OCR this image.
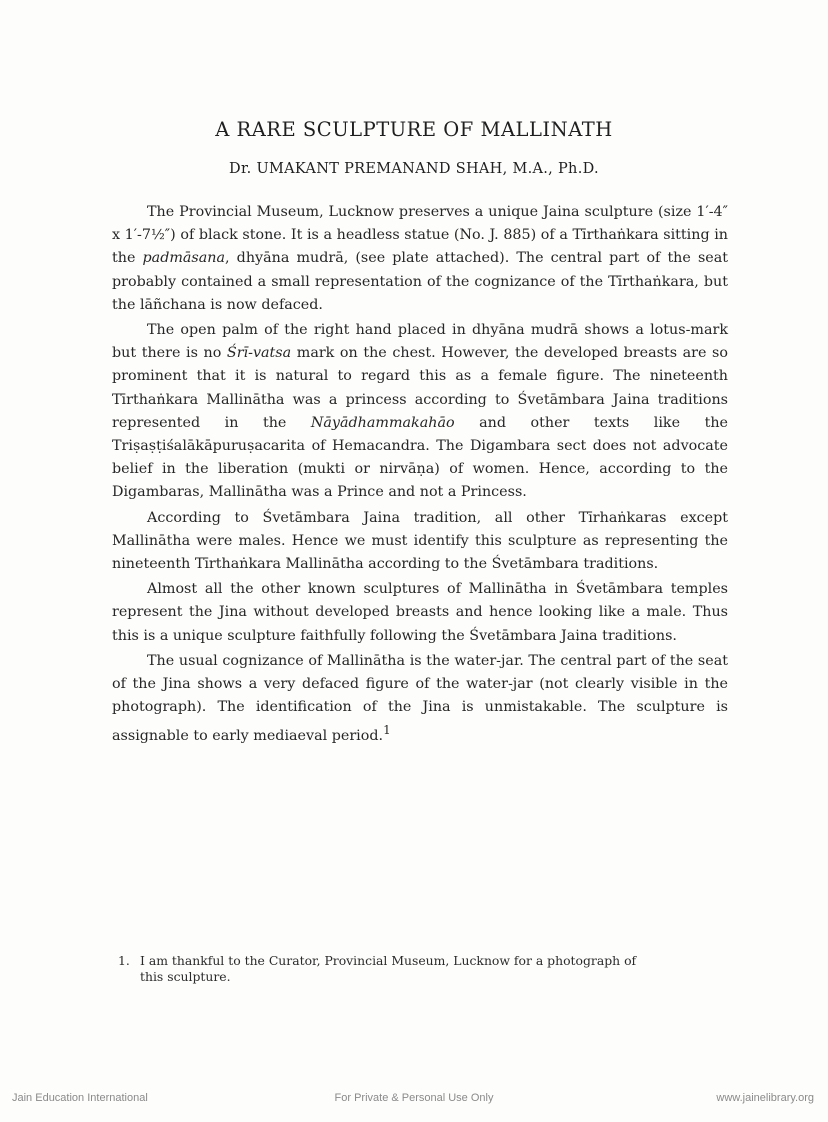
A RARE SCULPTURE OF MALLINATH
Dr. UMAKANT PREMANAND SHAH, M.A., Ph.D.

The Provincial Museum, Lucknow preserves a unique Jaina sculpture (size 1′-4″ x 1′-7½″) of black stone. It is a headless statue (No. J. 885) of a Tīrthaṅkara sitting in the padmāsana, dhyāna mudrā, (see plate attached). The central part of the seat probably contained a small representation of the cognizance of the Tīrthaṅkara, but the lāñchana is now defaced.

The open palm of the right hand placed in dhyāna mudrā shows a lotus-mark but there is no Śrī-vatsa mark on the chest. However, the developed breasts are so prominent that it is natural to regard this as a female figure. The nineteenth Tīrthaṅkara Mallinātha was a princess according to Śvetāmbara Jaina traditions represented in the Nāyādhammakahāo and other texts like the Triṣaṣṭiśalākāpuruṣacarita of Hemacandra. The Digambara sect does not advocate belief in the liberation (mukti or nirvāṇa) of women. Hence, according to the Digambaras, Mallinātha was a Prince and not a Princess.

According to Śvetāmbara Jaina tradition, all other Tīrhaṅkaras except Mallinātha were males. Hence we must identify this sculpture as representing the nineteenth Tīrthaṅkara Mallinātha according to the Śvetāmbara traditions.

Almost all the other known sculptures of Mallinātha in Śvetāmbara temples represent the Jina without developed breasts and hence looking like a male. Thus this is a unique sculpture faithfully following the Śvetāmbara Jaina traditions.

The usual cognizance of Mallinātha is the water-jar. The central part of the seat of the Jina shows a very defaced figure of the water-jar (not clearly visible in the photograph). The identification of the Jina is unmistakable. The sculpture is assignable to early mediaeval period.$^1$

1. I am thankful to the Curator, Provincial Museum, Lucknow for a photograph of
this sculpture.
Jain Education International	For Private & Personal Use Only	www.jainelibrary.org
